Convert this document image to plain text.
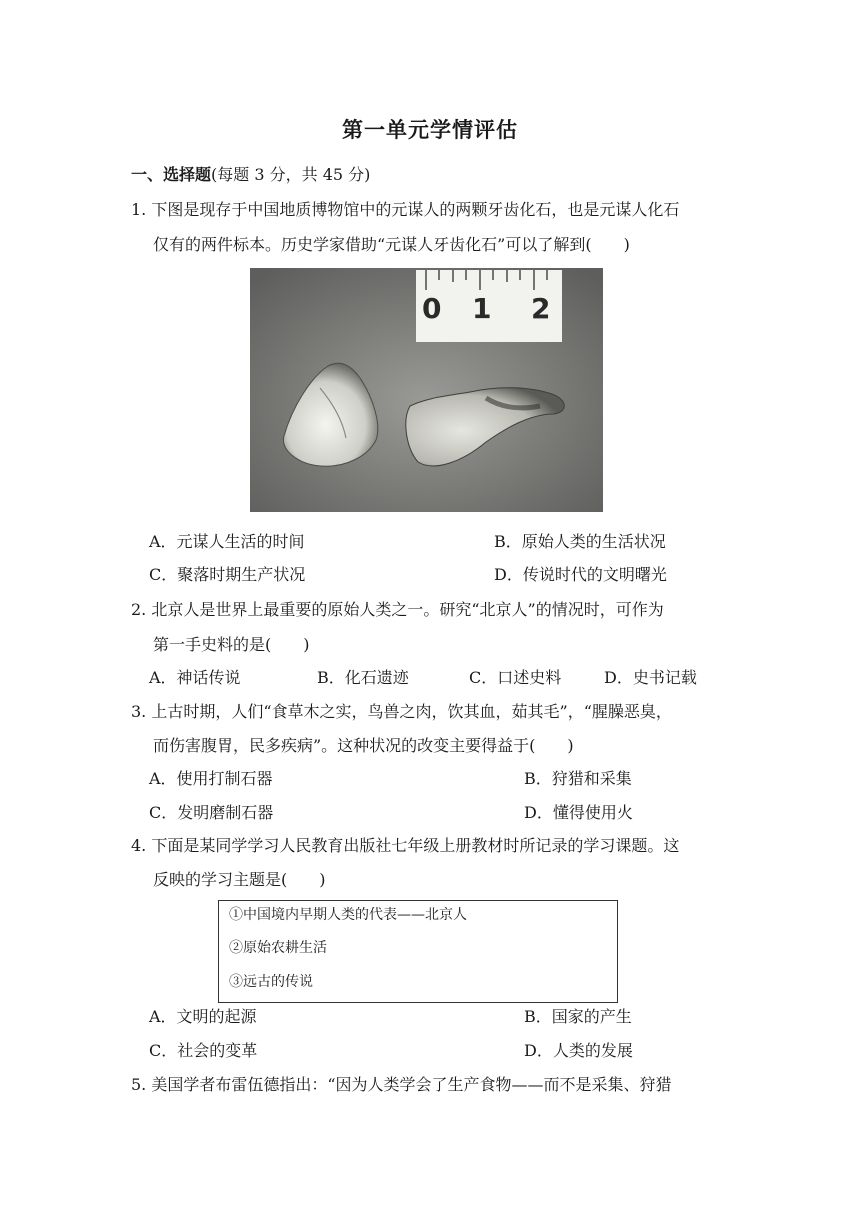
第一单元学情评估
一、选择题(每题 3 分，共 45 分)
1. 下图是现存于中国地质博物馆中的元谋人的两颗牙齿化石，也是元谋人化石
仅有的两件标本。历史学家借助“元谋人牙齿化石”可以了解到(　　)
0 1 2
A．元谋人生活的时间	B．原始人类的生活状况
C．聚落时期生产状况	D．传说时代的文明曙光
2. 北京人是世界上最重要的原始人类之一。研究“北京人”的情况时，可作为
第一手史料的是(　　)
A．神话传说	B．化石遗迹	C．口述史料	D．史书记载
3. 上古时期，人们“食草木之实，鸟兽之肉，饮其血，茹其毛”，“腥臊恶臭，
而伤害腹胃，民多疾病”。这种状况的改变主要得益于(　　)
A．使用打制石器	B．狩猎和采集
C．发明磨制石器	D．懂得使用火
4. 下面是某同学学习人民教育出版社七年级上册教材时所记录的学习课题。这
反映的学习主题是(　　)
①中国境内早期人类的代表——北京人
②原始农耕生活
③远古的传说
A．文明的起源	B．国家的产生
C．社会的变革	D．人类的发展
5. 美国学者布雷伍德指出：“因为人类学会了生产食物——而不是采集、狩猎
